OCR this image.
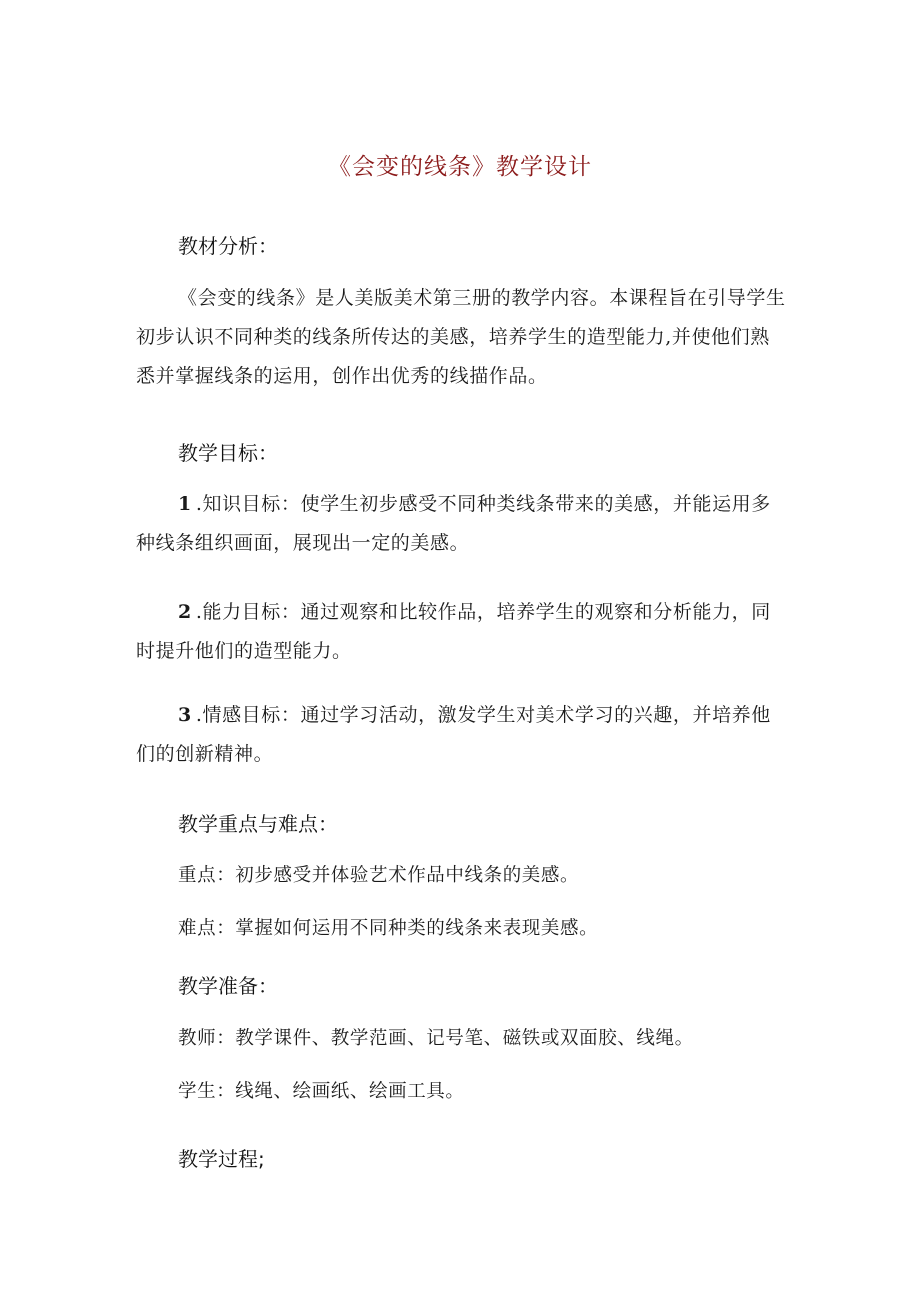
《会变的线条》教学设计
教材分析：

《会变的线条》是人美版美术第三册的教学内容。本课程旨在引导学生初步认识不同种类的线条所传达的美感，培养学生的造型能力,并使他们熟悉并掌握线条的运用，创作出优秀的线描作品。

教学目标：

1 .知识目标：使学生初步感受不同种类线条带来的美感，并能运用多种线条组织画面，展现出一定的美感。

2 .能力目标：通过观察和比较作品，培养学生的观察和分析能力，同时提升他们的造型能力。

3 .情感目标：通过学习活动，激发学生对美术学习的兴趣，并培养他们的创新精神。

教学重点与难点：
重点：初步感受并体验艺术作品中线条的美感。
难点：掌握如何运用不同种类的线条来表现美感。
教学准备：
教师：教学课件、教学范画、记号笔、磁铁或双面胶、线绳。
学生：线绳、绘画纸、绘画工具。
教学过程;
